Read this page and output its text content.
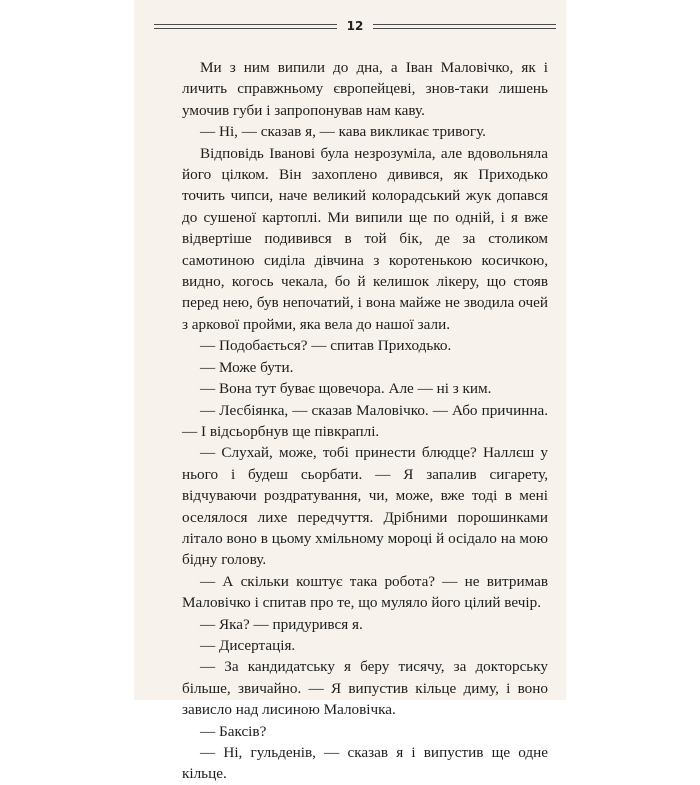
12

Ми з ним випили до дна, а Іван Маловічко, як і личить справжньому європейцеві, знов-таки лишень умочив губи і запропонував нам каву.

— Ні, — сказав я, — кава викликає тривогу.

Відповідь Іванові була незрозуміла, але вдовольняла його цілком. Він захоплено дивився, як Приходько точить чипси, наче великий колорадський жук допався до сушеної картоплі. Ми випили ще по одній, і я вже відвертіше подивився в той бік, де за столиком самотиною сиділа дівчина з коротенькою косичкою, видно, когось чекала, бо й келишок лікеру, що стояв перед нею, був непочатий, і вона майже не зводила очей з аркової пройми, яка вела до нашої зали.

— Подобається? — спитав Приходько.

— Може бути.

— Вона тут буває щовечора. Але — ні з ким.

— Лесбіянка, — сказав Маловічко. — Або причинна. — І відсьорбнув ще півкраплі.

— Слухай, може, тобі принести блюдце? Наллєш у нього і будеш сьорбати. — Я запалив сигарету, відчуваючи роздратування, чи, може, вже тоді в мені оселялося лихе передчуття. Дрібними порошинками літало воно в цьому хмільному мороці й осідало на мою бідну голову.

— А скільки коштує така робота? — не витримав Маловічко і спитав про те, що муляло його цілий вечір.

— Яка? — придурився я.

— Дисертація.

— За кандидатську я беру тисячу, за докторську більше, звичайно. — Я випустив кільце диму, і воно зависло над лисиною Маловічка.

— Баксів?

— Ні, гульденів, — сказав я і випустив ще одне кільце.
